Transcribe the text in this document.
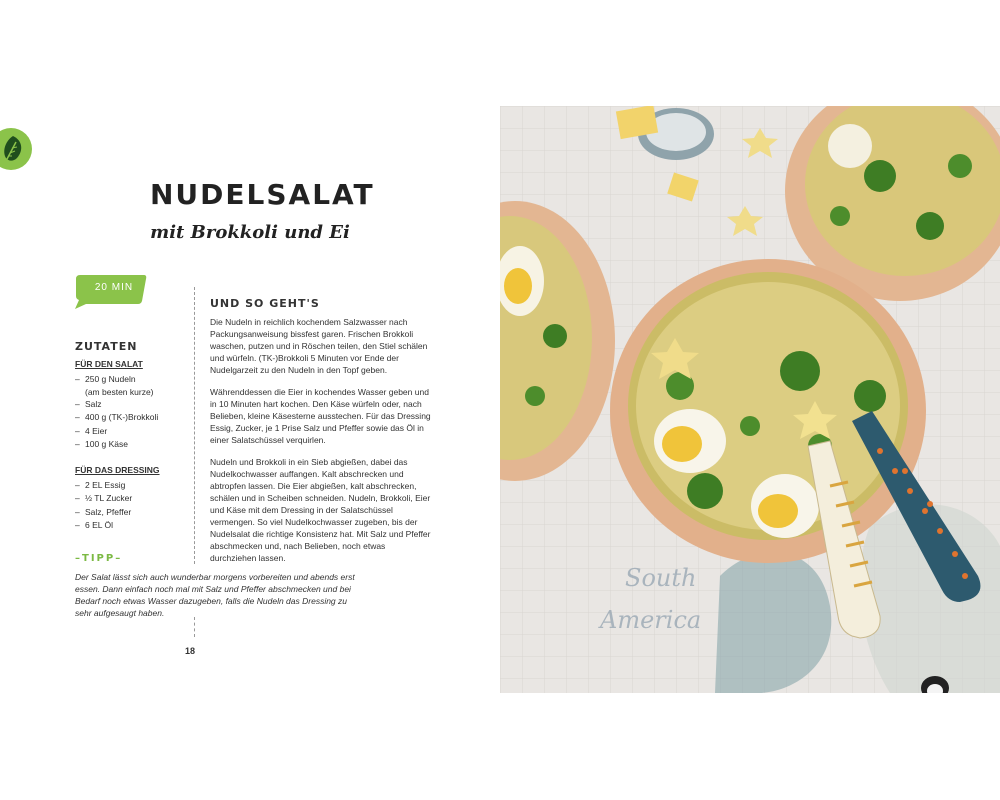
NUDELSALAT
mit Brokkoli und Ei
20 MIN
ZUTATEN
FÜR DEN SALAT
– 250 g Nudeln
(am besten kurze)
– Salz
– 400 g (TK-)Brokkoli
– 4 Eier
– 100 g Käse
FÜR DAS DRESSING
– 2 EL Essig
– ½ TL Zucker
– Salz, Pfeffer
– 6 EL Öl
UND SO GEHT'S

Die Nudeln in reichlich kochendem Salzwasser nach Packungsanweisung bissfest garen. Frischen Brokkoli waschen, putzen und in Röschen teilen, den Stiel schälen und würfeln. (TK-)Brokkoli 5 Minuten vor Ende der Nudelgarzeit zu den Nudeln in den Topf geben.

Währenddessen die Eier in kochendes Wasser geben und in 10 Minuten hart kochen. Den Käse würfeln oder, nach Belieben, kleine Käsesterne ausstechen. Für das Dressing Essig, Zucker, je 1 Prise Salz und Pfeffer sowie das Öl in einer Salatschüssel verquirlen.

Nudeln und Brokkoli in ein Sieb abgießen, dabei das Nudelkochwasser auffangen. Kalt abschrecken und abtropfen lassen. Die Eier abgießen, kalt abschrecken, schälen und in Scheiben schneiden. Nudeln, Brokkoli, Eier und Käse mit dem Dressing in der Salatschüssel vermengen. So viel Nudelkochwasser zugeben, bis der Nudelsalat die richtige Konsistenz hat. Mit Salz und Pfeffer abschmecken und, nach Belieben, noch etwas durchziehen lassen.

–TIPP–
Der Salat lässt sich auch wunderbar morgens vorbereiten und abends erst essen. Dann einfach noch mal mit Salz und Pfeffer abschmecken und bei Bedarf noch etwas Wasser dazugeben, falls die Nudeln das Dressing zu sehr aufgesaugt haben.
18
South
America
